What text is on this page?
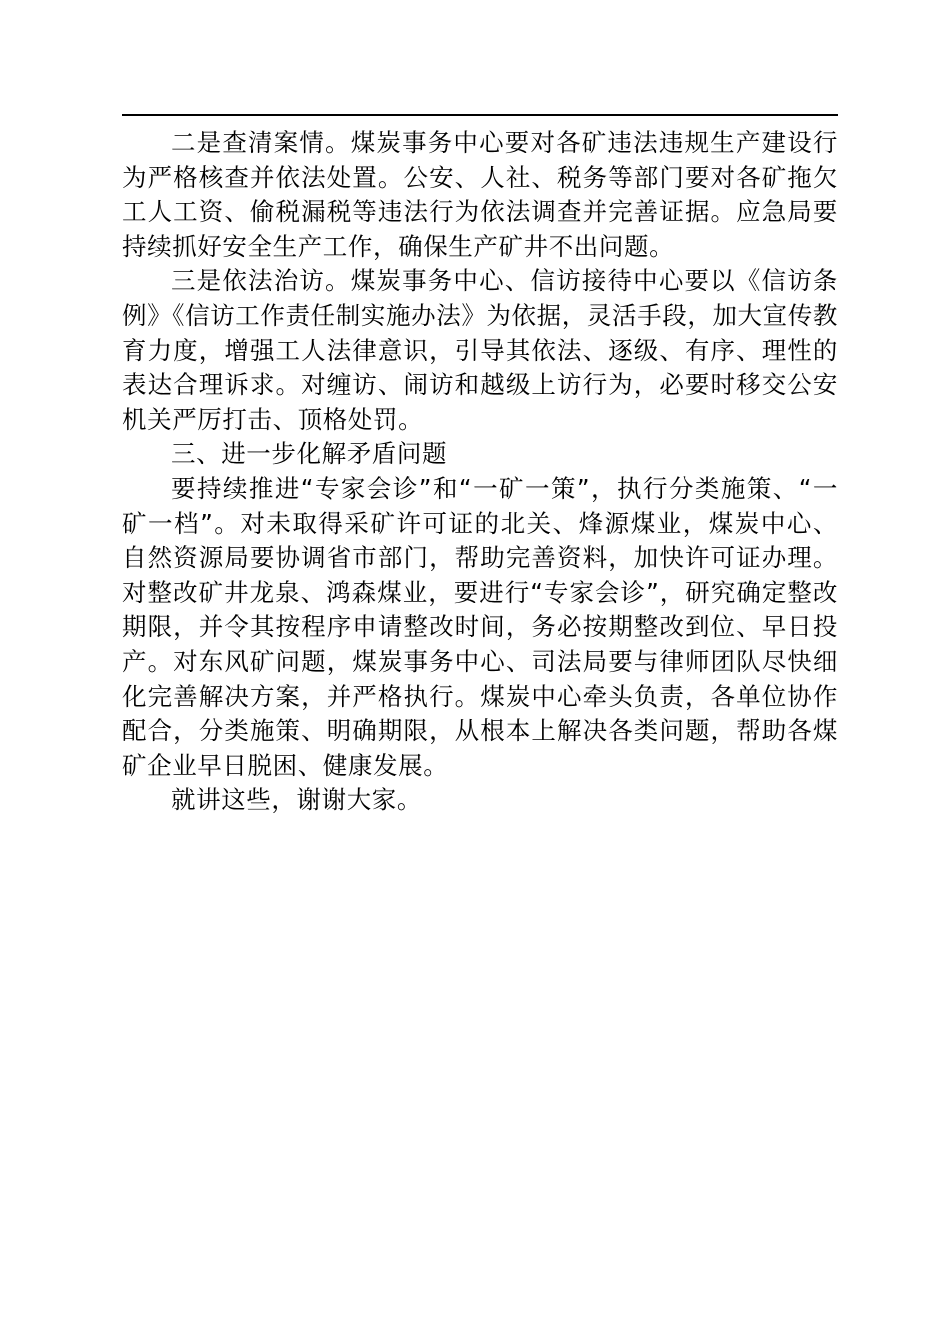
二是查清案情。煤炭事务中心要对各矿违法违规生产建设行为严格核查并依法处置。公安、人社、税务等部门要对各矿拖欠工人工资、偷税漏税等违法行为依法调查并完善证据。应急局要持续抓好安全生产工作，确保生产矿井不出问题。

三是依法治访。煤炭事务中心、信访接待中心要以《信访条例》《信访工作责任制实施办法》为依据，灵活手段，加大宣传教育力度，增强工人法律意识，引导其依法、逐级、有序、理性的表达合理诉求。对缠访、闹访和越级上访行为，必要时移交公安机关严厉打击、顶格处罚。

三、进一步化解矛盾问题

要持续推进“专家会诊”和“一矿一策”，执行分类施策、“一矿一档”。对未取得采矿许可证的北关、烽源煤业，煤炭中心、自然资源局要协调省市部门，帮助完善资料，加快许可证办理。对整改矿井龙泉、鸿森煤业，要进行“专家会诊”，研究确定整改期限，并令其按程序申请整改时间，务必按期整改到位、早日投产。对东风矿问题，煤炭事务中心、司法局要与律师团队尽快细化完善解决方案，并严格执行。煤炭中心牵头负责，各单位协作配合，分类施策、明确期限，从根本上解决各类问题，帮助各煤矿企业早日脱困、健康发展。

就讲这些，谢谢大家。
